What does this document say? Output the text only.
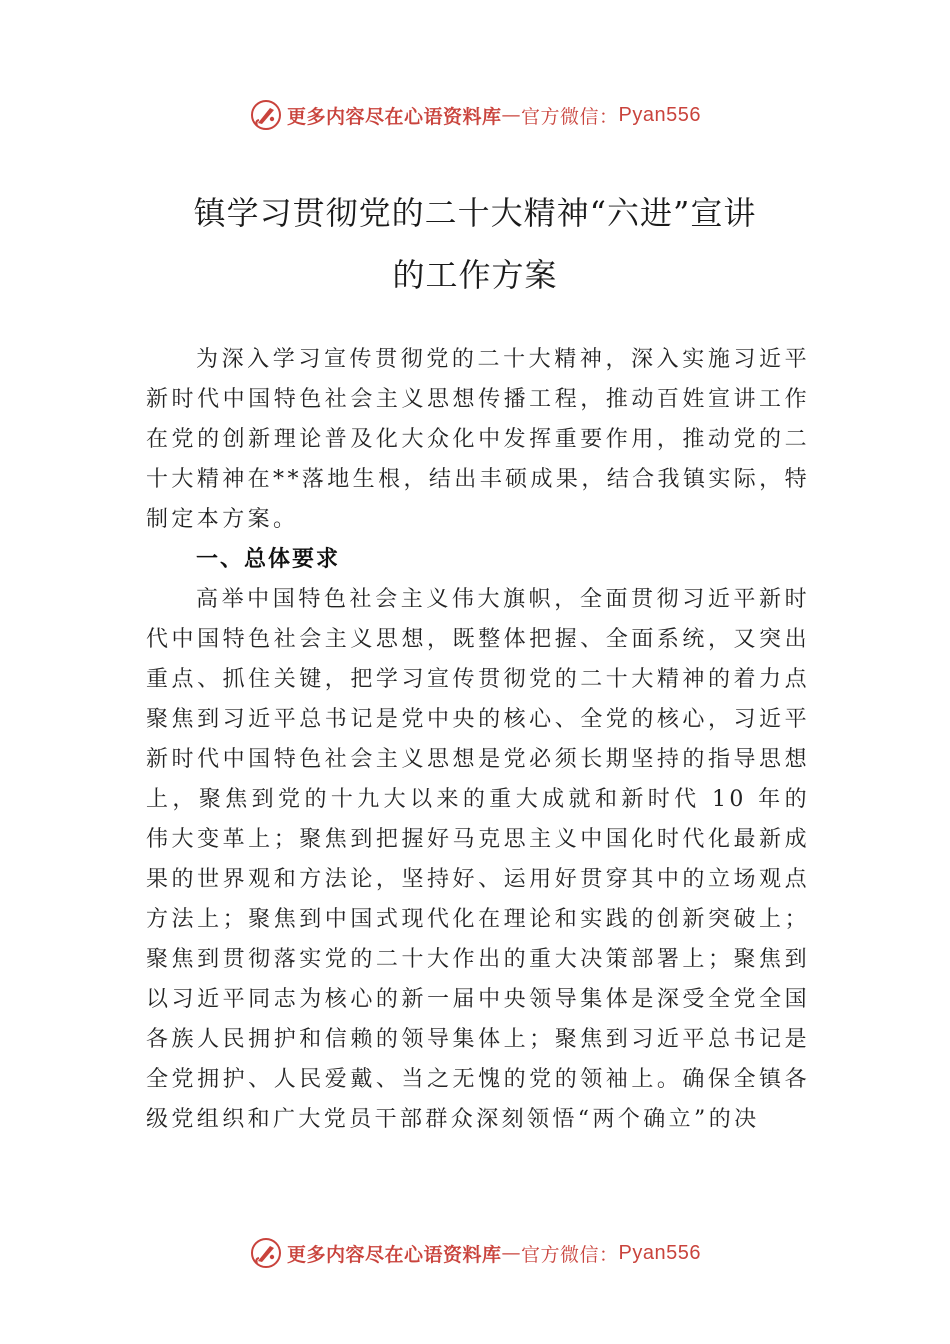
更多内容尽在心语资料库 — 官方微信： Pyan556
镇学习贯彻党的二十大精神“六进”宣讲
的工作方案

为深入学习宣传贯彻党的二十大精神，深入实施习近平新时代中国特色社会主义思想传播工程，推动百姓宣讲工作在党的创新理论普及化大众化中发挥重要作用，推动党的二十大精神在**落地生根，结出丰硕成果，结合我镇实际，特制定本方案。

一、总体要求

高举中国特色社会主义伟大旗帜，全面贯彻习近平新时代中国特色社会主义思想，既整体把握、全面系统，又突出重点、抓住关键，把学习宣传贯彻党的二十大精神的着力点聚焦到习近平总书记是党中央的核心、全党的核心，习近平新时代中国特色社会主义思想是党必须长期坚持的指导思想上，聚焦到党的十九大以来的重大成就和新时代 10 年的伟大变革上；聚焦到把握好马克思主义中国化时代化最新成果的世界观和方法论，坚持好、运用好贯穿其中的立场观点方法上；聚焦到中国式现代化在理论和实践的创新突破上；聚焦到贯彻落实党的二十大作出的重大决策部署上；聚焦到以习近平同志为核心的新一届中央领导集体是深受全党全国各族人民拥护和信赖的领导集体上；聚焦到习近平总书记是全党拥护、人民爱戴、当之无愧的党的领袖上。确保全镇各级党组织和广大党员干部群众深刻领悟“两个确立”的决

更多内容尽在心语资料库 — 官方微信： Pyan556
